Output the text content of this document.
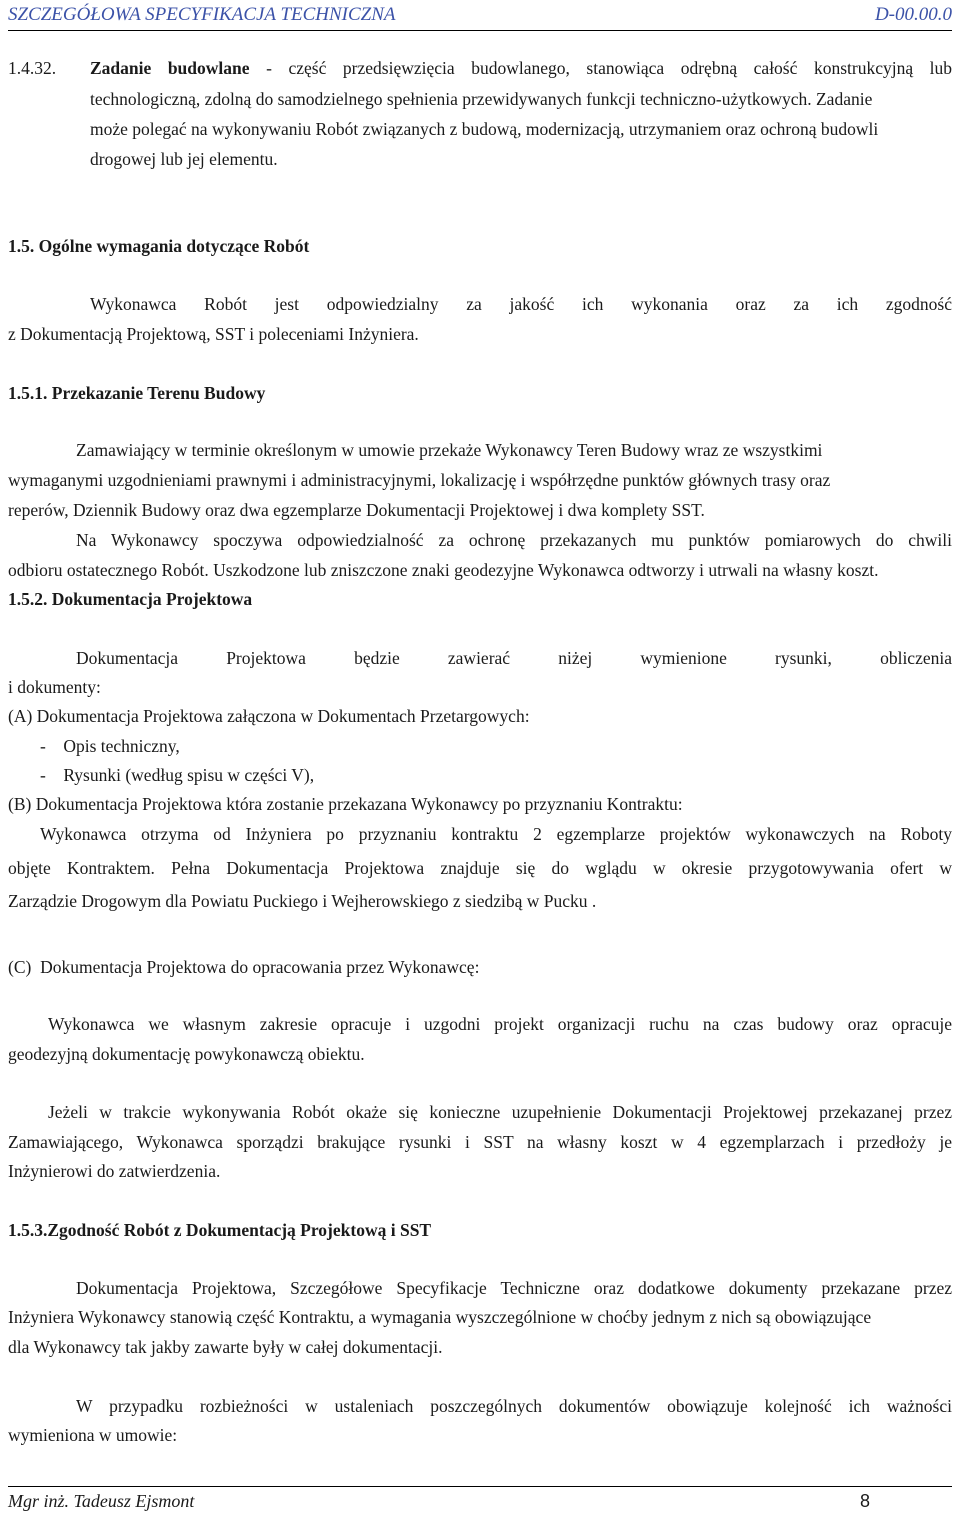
SZCZEGÓŁOWA SPECYFIKACJA TECHNICZNA	D-00.00.0
1.4.32. Zadanie budowlane - część przedsięwzięcia budowlanego, stanowiąca odrębną całość konstrukcyjną lub
technologiczną, zdolną do samodzielnego spełnienia przewidywanych funkcji techniczno-użytkowych. Zadanie
może polegać na wykonywaniu Robót związanych z budową, modernizacją, utrzymaniem oraz ochroną budowli
drogowej lub jej elementu.
1.5. Ogólne wymagania dotyczące Robót
Wykonawca Robót jest odpowiedzialny za jakość ich wykonania oraz za ich zgodność
z Dokumentacją Projektową, SST i poleceniami Inżyniera.
1.5.1. Przekazanie Terenu Budowy
Zamawiający w terminie określonym w umowie przekaże Wykonawcy Teren Budowy wraz ze wszystkimi
wymaganymi uzgodnieniami prawnymi i administracyjnymi, lokalizację i współrzędne punktów głównych trasy oraz
reperów, Dziennik Budowy oraz dwa egzemplarze Dokumentacji Projektowej i dwa komplety SST.
Na Wykonawcy spoczywa odpowiedzialność za ochronę przekazanych mu punktów pomiarowych do chwili
odbioru ostatecznego Robót. Uszkodzone lub zniszczone znaki geodezyjne Wykonawca odtworzy i utrwali na własny koszt.
1.5.2. Dokumentacja Projektowa
Dokumentacja Projektowa będzie zawierać niżej wymienione rysunki, obliczenia
i dokumenty:
(A) Dokumentacja Projektowa załączona w Dokumentach Przetargowych:
-    Opis techniczny,
-    Rysunki (według spisu w części V),
(B) Dokumentacja Projektowa która zostanie przekazana Wykonawcy po przyznaniu Kontraktu:
Wykonawca otrzyma od Inżyniera po przyznaniu kontraktu 2 egzemplarze projektów wykonawczych na Roboty
objęte Kontraktem. Pełna Dokumentacja Projektowa znajduje się do wglądu w okresie przygotowywania ofert w
Zarządzie Drogowym dla Powiatu Puckiego i Wejherowskiego z siedzibą w Pucku .
(C)  Dokumentacja Projektowa do opracowania przez Wykonawcę:
Wykonawca we własnym zakresie opracuje i uzgodni projekt organizacji ruchu na czas budowy oraz opracuje
geodezyjną dokumentację powykonawczą obiektu.
Jeżeli w trakcie wykonywania Robót okaże się konieczne uzupełnienie Dokumentacji Projektowej przekazanej przez
Zamawiającego, Wykonawca sporządzi brakujące rysunki i SST na własny koszt w 4 egzemplarzach i przedłoży je
Inżynierowi do zatwierdzenia.
1.5.3.Zgodność Robót z Dokumentacją Projektową i SST
Dokumentacja Projektowa, Szczegółowe Specyfikacje Techniczne oraz dodatkowe dokumenty przekazane przez
Inżyniera Wykonawcy stanowią część Kontraktu, a wymagania wyszczególnione w choćby jednym z nich są obowiązujące
dla Wykonawcy tak jakby zawarte były w całej dokumentacji.
W przypadku rozbieżności w ustaleniach poszczególnych dokumentów obowiązuje kolejność ich ważności
wymieniona w umowie:
Mgr inż. Tadeusz Ejsmont	8
